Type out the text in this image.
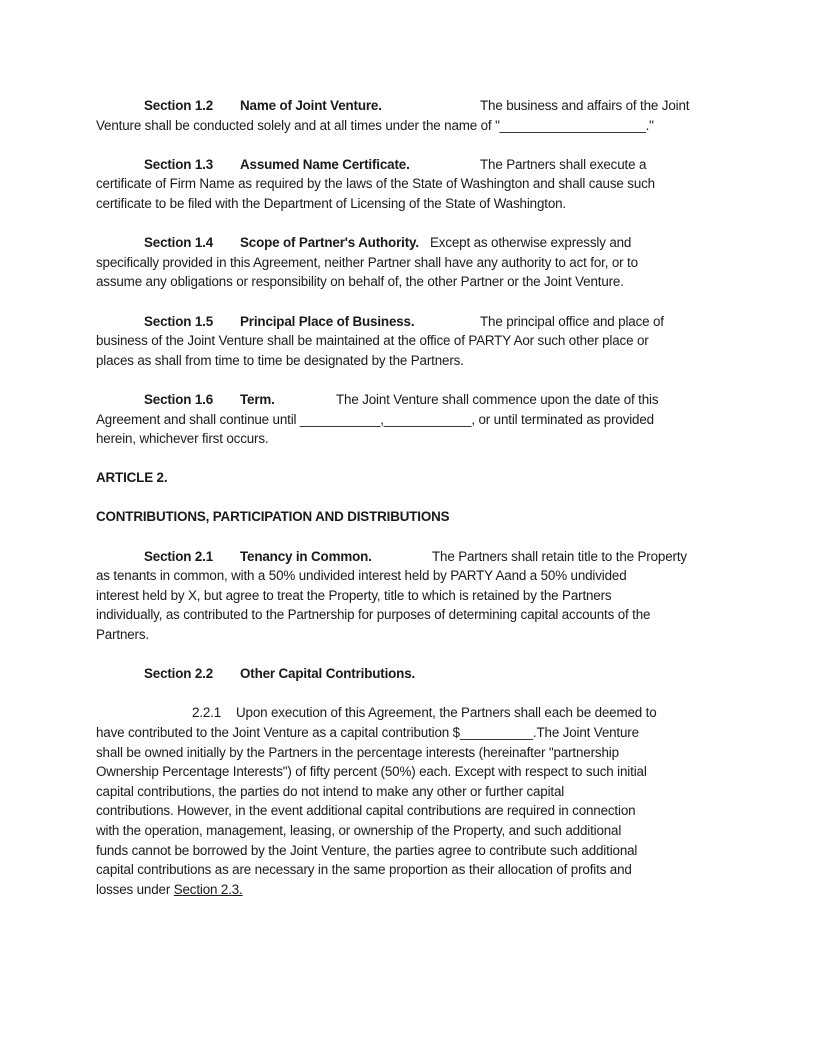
Section 1.2 Name of Joint Venture.	The business and affairs of the Joint
Venture shall be conducted solely and at all times under the name of "____________________."
Section 1.3 Assumed Name Certificate.	The Partners shall execute a
certificate of Firm Name as required by the laws of the State of Washington and shall cause such
certificate to be filed with the Department of Licensing of the State of Washington.
Section 1.4 Scope of Partner's Authority. Except as otherwise expressly and
specifically provided in this Agreement, neither Partner shall have any authority to act for, or to
assume any obligations or responsibility on behalf of, the other Partner or the Joint Venture.
Section 1.5 Principal Place of Business.	The principal office and place of
business of the Joint Venture shall be maintained at the office of PARTY Aor such other place or
places as shall from time to time be designated by the Partners.
Section 1.6 Term.	The Joint Venture shall commence upon the date of this
Agreement and shall continue until ___________,____________, or until terminated as provided
herein, whichever first occurs.
ARTICLE 2.
CONTRIBUTIONS, PARTICIPATION AND DISTRIBUTIONS
Section 2.1 Tenancy in Common.	The Partners shall retain title to the Property
as tenants in common, with a 50% undivided interest held by PARTY Aand a 50% undivided
interest held by X, but agree to treat the Property, title to which is retained by the Partners
individually, as contributed to the Partnership for purposes of determining capital accounts of the
Partners.
Section 2.2 Other Capital Contributions.
2.2.1 Upon execution of this Agreement, the Partners shall each be deemed to
have contributed to the Joint Venture as a capital contribution $__________.The Joint Venture
shall be owned initially by the Partners in the percentage interests (hereinafter "partnership
Ownership Percentage Interests") of fifty percent (50%) each. Except with respect to such initial
capital contributions, the parties do not intend to make any other or further capital
contributions. However, in the event additional capital contributions are required in connection
with the operation, management, leasing, or ownership of the Property, and such additional
funds cannot be borrowed by the Joint Venture, the parties agree to contribute such additional
capital contributions as are necessary in the same proportion as their allocation of profits and
losses under Section 2.3.
